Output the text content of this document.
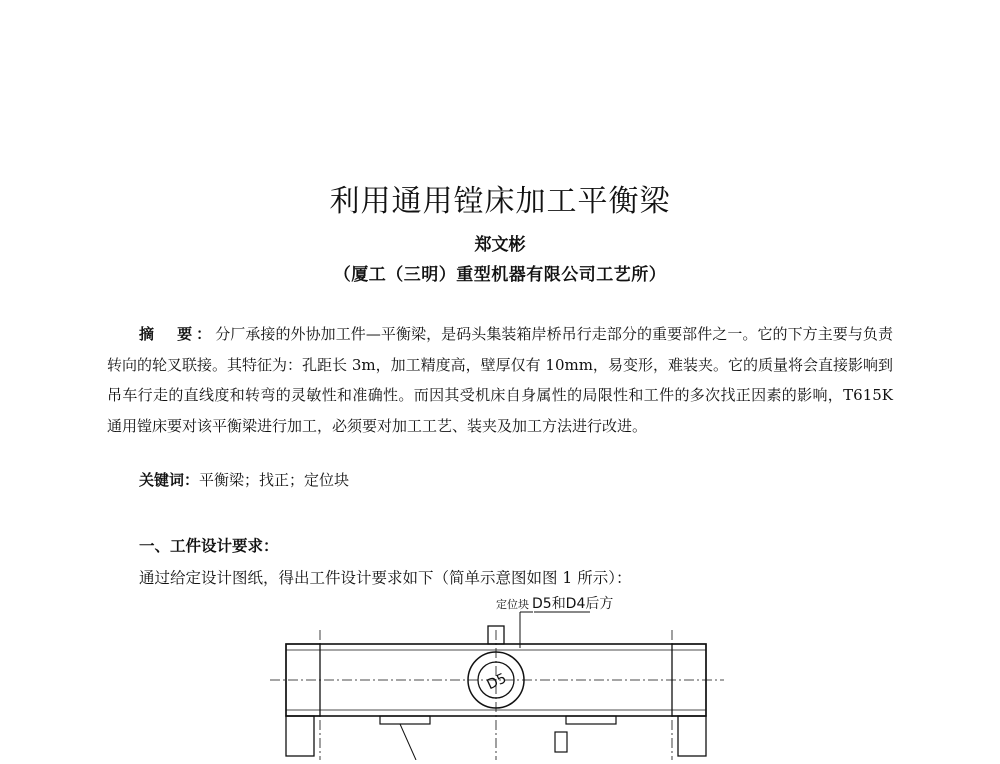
利用通用镗床加工平衡梁
郑文彬
（厦工（三明）重型机器有限公司工艺所）

摘　要：分厂承接的外协加工件—平衡梁，是码头集装箱岸桥吊行走部分的重要部件之一。它的下方主要与负责转向的轮叉联接。其特征为：孔距长 3m，加工精度高，壁厚仅有 10mm，易变形，难装夹。它的质量将会直接影响到吊车行走的直线度和转弯的灵敏性和准确性。而因其受机床自身属性的局限性和工件的多次找正因素的影响，T615K 通用镗床要对该平衡梁进行加工，必须要对加工工艺、装夹及加工方法进行改进。

关键词：平衡梁；找正；定位块

一、工件设计要求：

通过给定设计图纸，得出工件设计要求如下（简单示意图如图 1 所示）：

定位块 D5和D4后方
D5
